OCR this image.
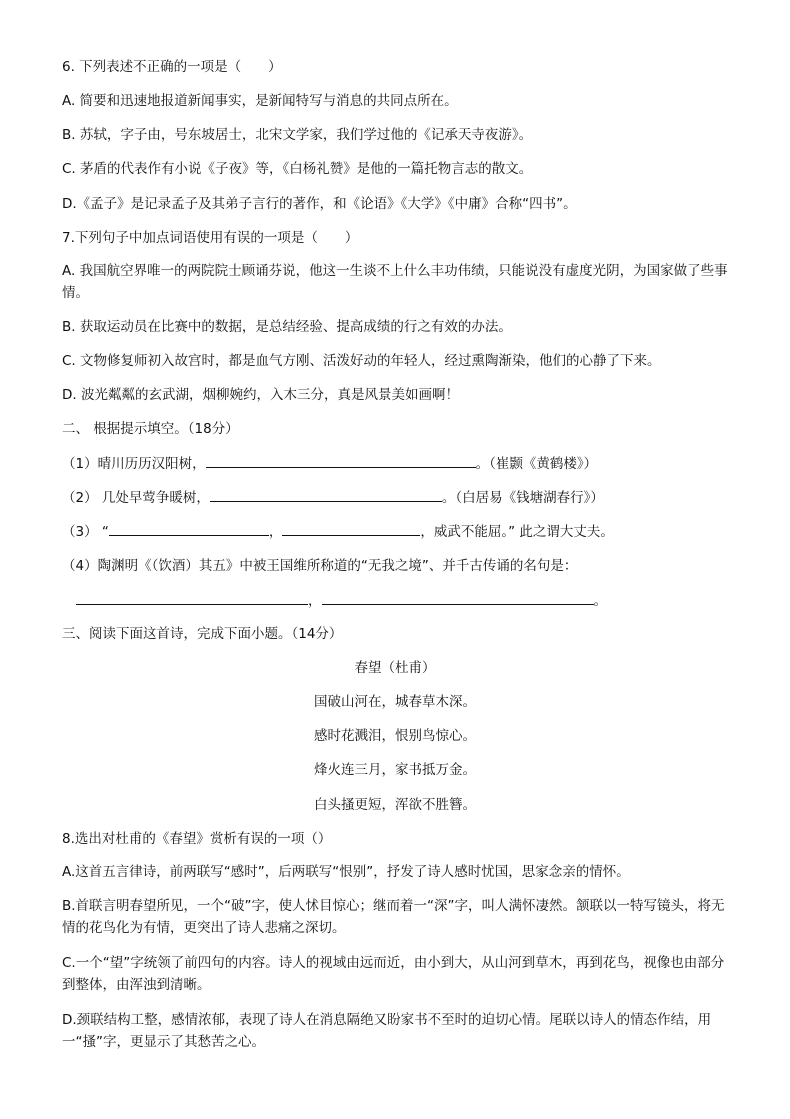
6. 下列表述不正确的一项是（　　）
A. 简要和迅速地报道新闻事实，是新闻特写与消息的共同点所在。
B. 苏轼，字子由，号东坡居士，北宋文学家，我们学过他的《记承天寺夜游》。
C. 茅盾的代表作有小说《子夜》等，《白杨礼赞》是他的一篇托物言志的散文。
D.《孟子》是记录孟子及其弟子言行的著作，和《论语》《大学》《中庸》合称“四书”。
7.下列句子中加点词语使用有误的一项是（　　）
A. 我国航空界唯一的两院院士顾诵芬说，他这一生谈不上什么丰功伟绩，只能说没有虚度光阴，为国家做了些事情。
B. 获取运动员在比赛中的数据，是总结经验、提高成绩的行之有效的办法。
C. 文物修复师初入故宫时，都是血气方刚、活泼好动的年轻人，经过熏陶渐染，他们的心静了下来。
D. 波光粼粼的玄武湖，烟柳婉约，入木三分，真是风景美如画啊！
二、 根据提示填空。（18分）
（1）晴川历历汉阳树，	。（崔颢《黄鹤楼》）
（2） 几处早莺争暖树，	。（白居易《钱塘湖春行》）
（3） “	，	，威武不能屈。” 此之谓大丈夫。
（4）陶渊明《（饮酒）其五》中被王国维所称道的“无我之境”、并千古传诵的名句是：
，	。
三、阅读下面这首诗，完成下面小题。（14分）
春望（杜甫）
国破山河在，城春草木深。
感时花溅泪，恨别鸟惊心。
烽火连三月，家书抵万金。
白头搔更短，浑欲不胜簪。
8.选出对杜甫的《春望》赏析有误的一项（）
A.这首五言律诗，前两联写“感时”，后两联写“恨别”，抒发了诗人感时忧国，思家念亲的情怀。
B.首联言明春望所见，一个“破”字，使人怵目惊心；继而着一“深”字，叫人满怀凄然。颔联以一特写镜头，将无情的花鸟化为有情，更突出了诗人悲痛之深切。
C.一个“望”字统领了前四句的内容。诗人的视域由远而近，由小到大，从山河到草木，再到花鸟，视像也由部分到整体，由浑浊到清晰。
D.颈联结构工整，感情浓郁，表现了诗人在消息隔绝又盼家书不至时的迫切心情。尾联以诗人的情态作结，用一“搔”字，更显示了其愁苦之心。
